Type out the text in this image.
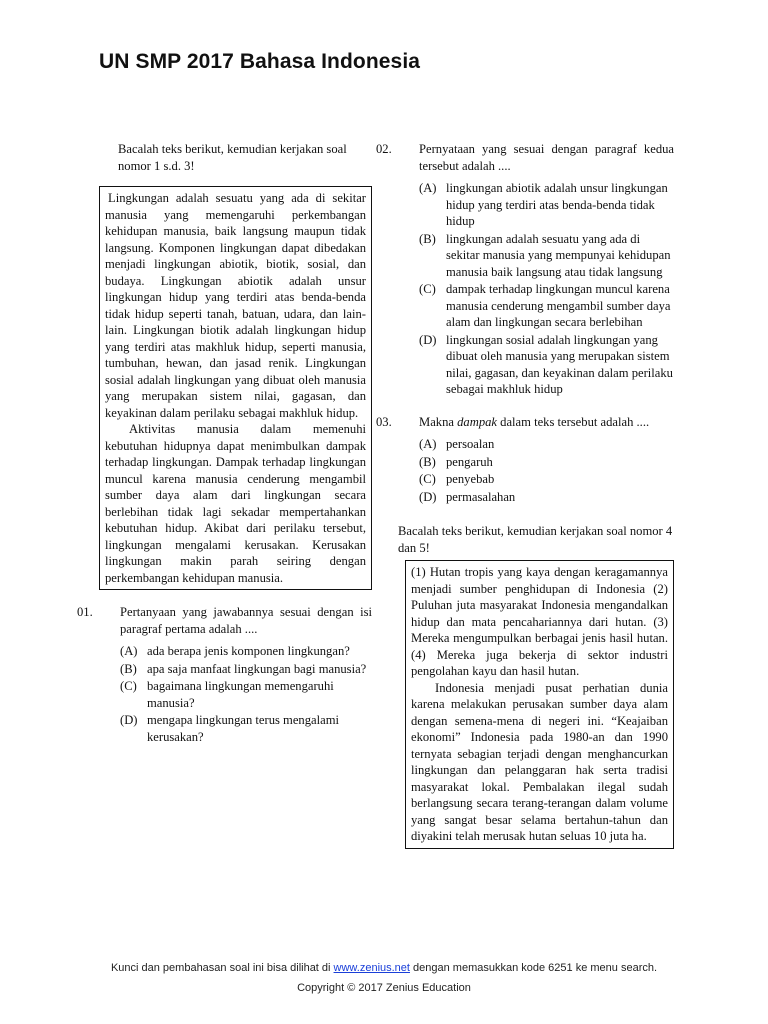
UN SMP 2017 Bahasa Indonesia

Bacalah teks berikut, kemudian kerjakan soal nomor 1 s.d. 3!

Lingkungan adalah sesuatu yang ada di sekitar manusia yang memengaruhi perkembangan kehidupan manusia, baik langsung maupun tidak langsung. Komponen lingkungan dapat dibedakan menjadi lingkungan abiotik, biotik, sosial, dan budaya. Lingkungan abiotik adalah unsur lingkungan hidup yang terdiri atas benda-benda tidak hidup seperti tanah, batuan, udara, dan lain-lain. Lingkungan biotik adalah lingkungan hidup yang terdiri atas makhluk hidup, seperti manusia, tumbuhan, hewan, dan jasad renik. Lingkungan sosial adalah lingkungan yang dibuat oleh manusia yang merupakan sistem nilai, gagasan, dan keyakinan dalam perilaku sebagai makhluk hidup.

Aktivitas manusia dalam memenuhi kebutuhan hidupnya dapat menimbulkan dampak terhadap lingkungan. Dampak terhadap lingkungan muncul karena manusia cenderung mengambil sumber daya alam dari lingkungan secara berlebihan tidak lagi sekadar mempertahankan kebutuhan hidup. Akibat dari perilaku tersebut, lingkungan mengalami kerusakan. Kerusakan lingkungan makin parah seiring dengan perkembangan kehidupan manusia.

01. Pertanyaan yang jawabannya sesuai dengan isi paragraf pertama adalah ....

(A) ada berapa jenis komponen lingkungan?
(B) apa saja manfaat lingkungan bagi manusia?
(C) bagaimana lingkungan memengaruhi manusia?
(D) mengapa lingkungan terus mengalami kerusakan?
02. Pernyataan yang sesuai dengan paragraf kedua tersebut adalah ....

(A) lingkungan abiotik adalah unsur lingkungan hidup yang terdiri atas benda-benda tidak hidup
(B) lingkungan adalah sesuatu yang ada di sekitar manusia yang mempunyai kehidupan manusia baik langsung atau tidak langsung
(C) dampak terhadap lingkungan muncul karena manusia cenderung mengambil sumber daya alam dan lingkungan secara berlebihan
(D) lingkungan sosial adalah lingkungan yang dibuat oleh manusia yang merupakan sistem nilai, gagasan, dan keyakinan dalam perilaku sebagai makhluk hidup
03. Makna dampak dalam teks tersebut adalah ....

(A) persoalan
(B) pengaruh
(C) penyebab
(D) permasalahan

Bacalah teks berikut, kemudian kerjakan soal nomor 4 dan 5!

(1) Hutan tropis yang kaya dengan keragamannya menjadi sumber penghidupan di Indonesia (2) Puluhan juta masyarakat Indonesia mengandalkan hidup dan mata pencahariannya dari hutan. (3) Mereka mengumpulkan berbagai jenis hasil hutan. (4) Mereka juga bekerja di sektor industri pengolahan kayu dan hasil hutan.

Indonesia menjadi pusat perhatian dunia karena melakukan perusakan sumber daya alam dengan semena-mena di negeri ini. “Keajaiban ekonomi” Indonesia pada 1980-an dan 1990 ternyata sebagian terjadi dengan menghancurkan lingkungan dan pelanggaran hak serta tradisi masyarakat lokal. Pembalakan ilegal sudah berlangsung secara terang-terangan dalam volume yang sangat besar selama bertahun-tahun dan diyakini telah merusak hutan seluas 10 juta ha.

Kunci dan pembahasan soal ini bisa dilihat di www.zenius.net dengan memasukkan kode 6251 ke menu search.
Copyright © 2017 Zenius Education
